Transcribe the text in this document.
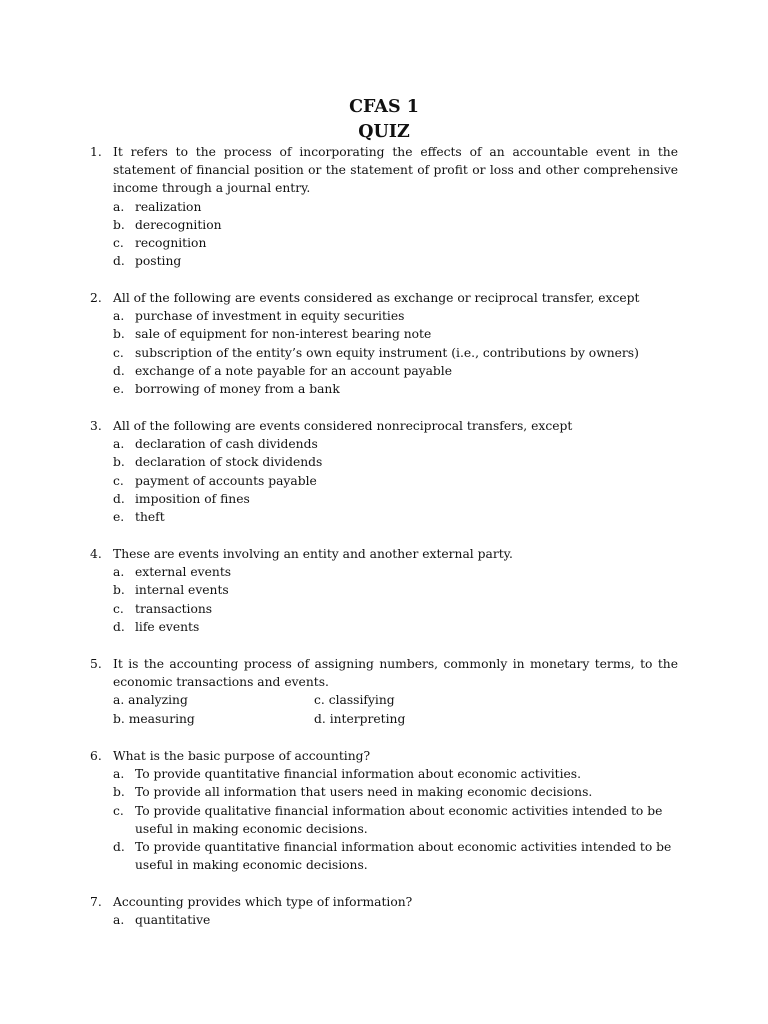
CFAS 1
QUIZ
1. It refers to the process of incorporating the effects of an accountable event in the statement of financial position or the statement of profit or loss and other comprehensive income through a journal entry.
a. realization
b. derecognition
c. recognition
d. posting
2. All of the following are events considered as exchange or reciprocal transfer, except
a. purchase of investment in equity securities
b. sale of equipment for non-interest bearing note
c. subscription of the entity’s own equity instrument (i.e., contributions by owners)
d. exchange of a note payable for an account payable
e. borrowing of money from a bank
3. All of the following are events considered nonreciprocal transfers, except
a. declaration of cash dividends
b. declaration of stock dividends
c. payment of accounts payable
d. imposition of fines
e. theft
4. These are events involving an entity and another external party.
a. external events
b. internal events
c. transactions
d. life events
5. It is the accounting process of assigning numbers, commonly in monetary terms, to the economic transactions and events.
a. analyzing	c. classifying
b. measuring	d. interpreting
6. What is the basic purpose of accounting?
a. To provide quantitative financial information about economic activities.
b. To provide all information that users need in making economic decisions.
c. To provide qualitative financial information about economic activities intended to be useful in making economic decisions.
d. To provide quantitative financial information about economic activities intended to be useful in making economic decisions.
7. Accounting provides which type of information?
a. quantitative
